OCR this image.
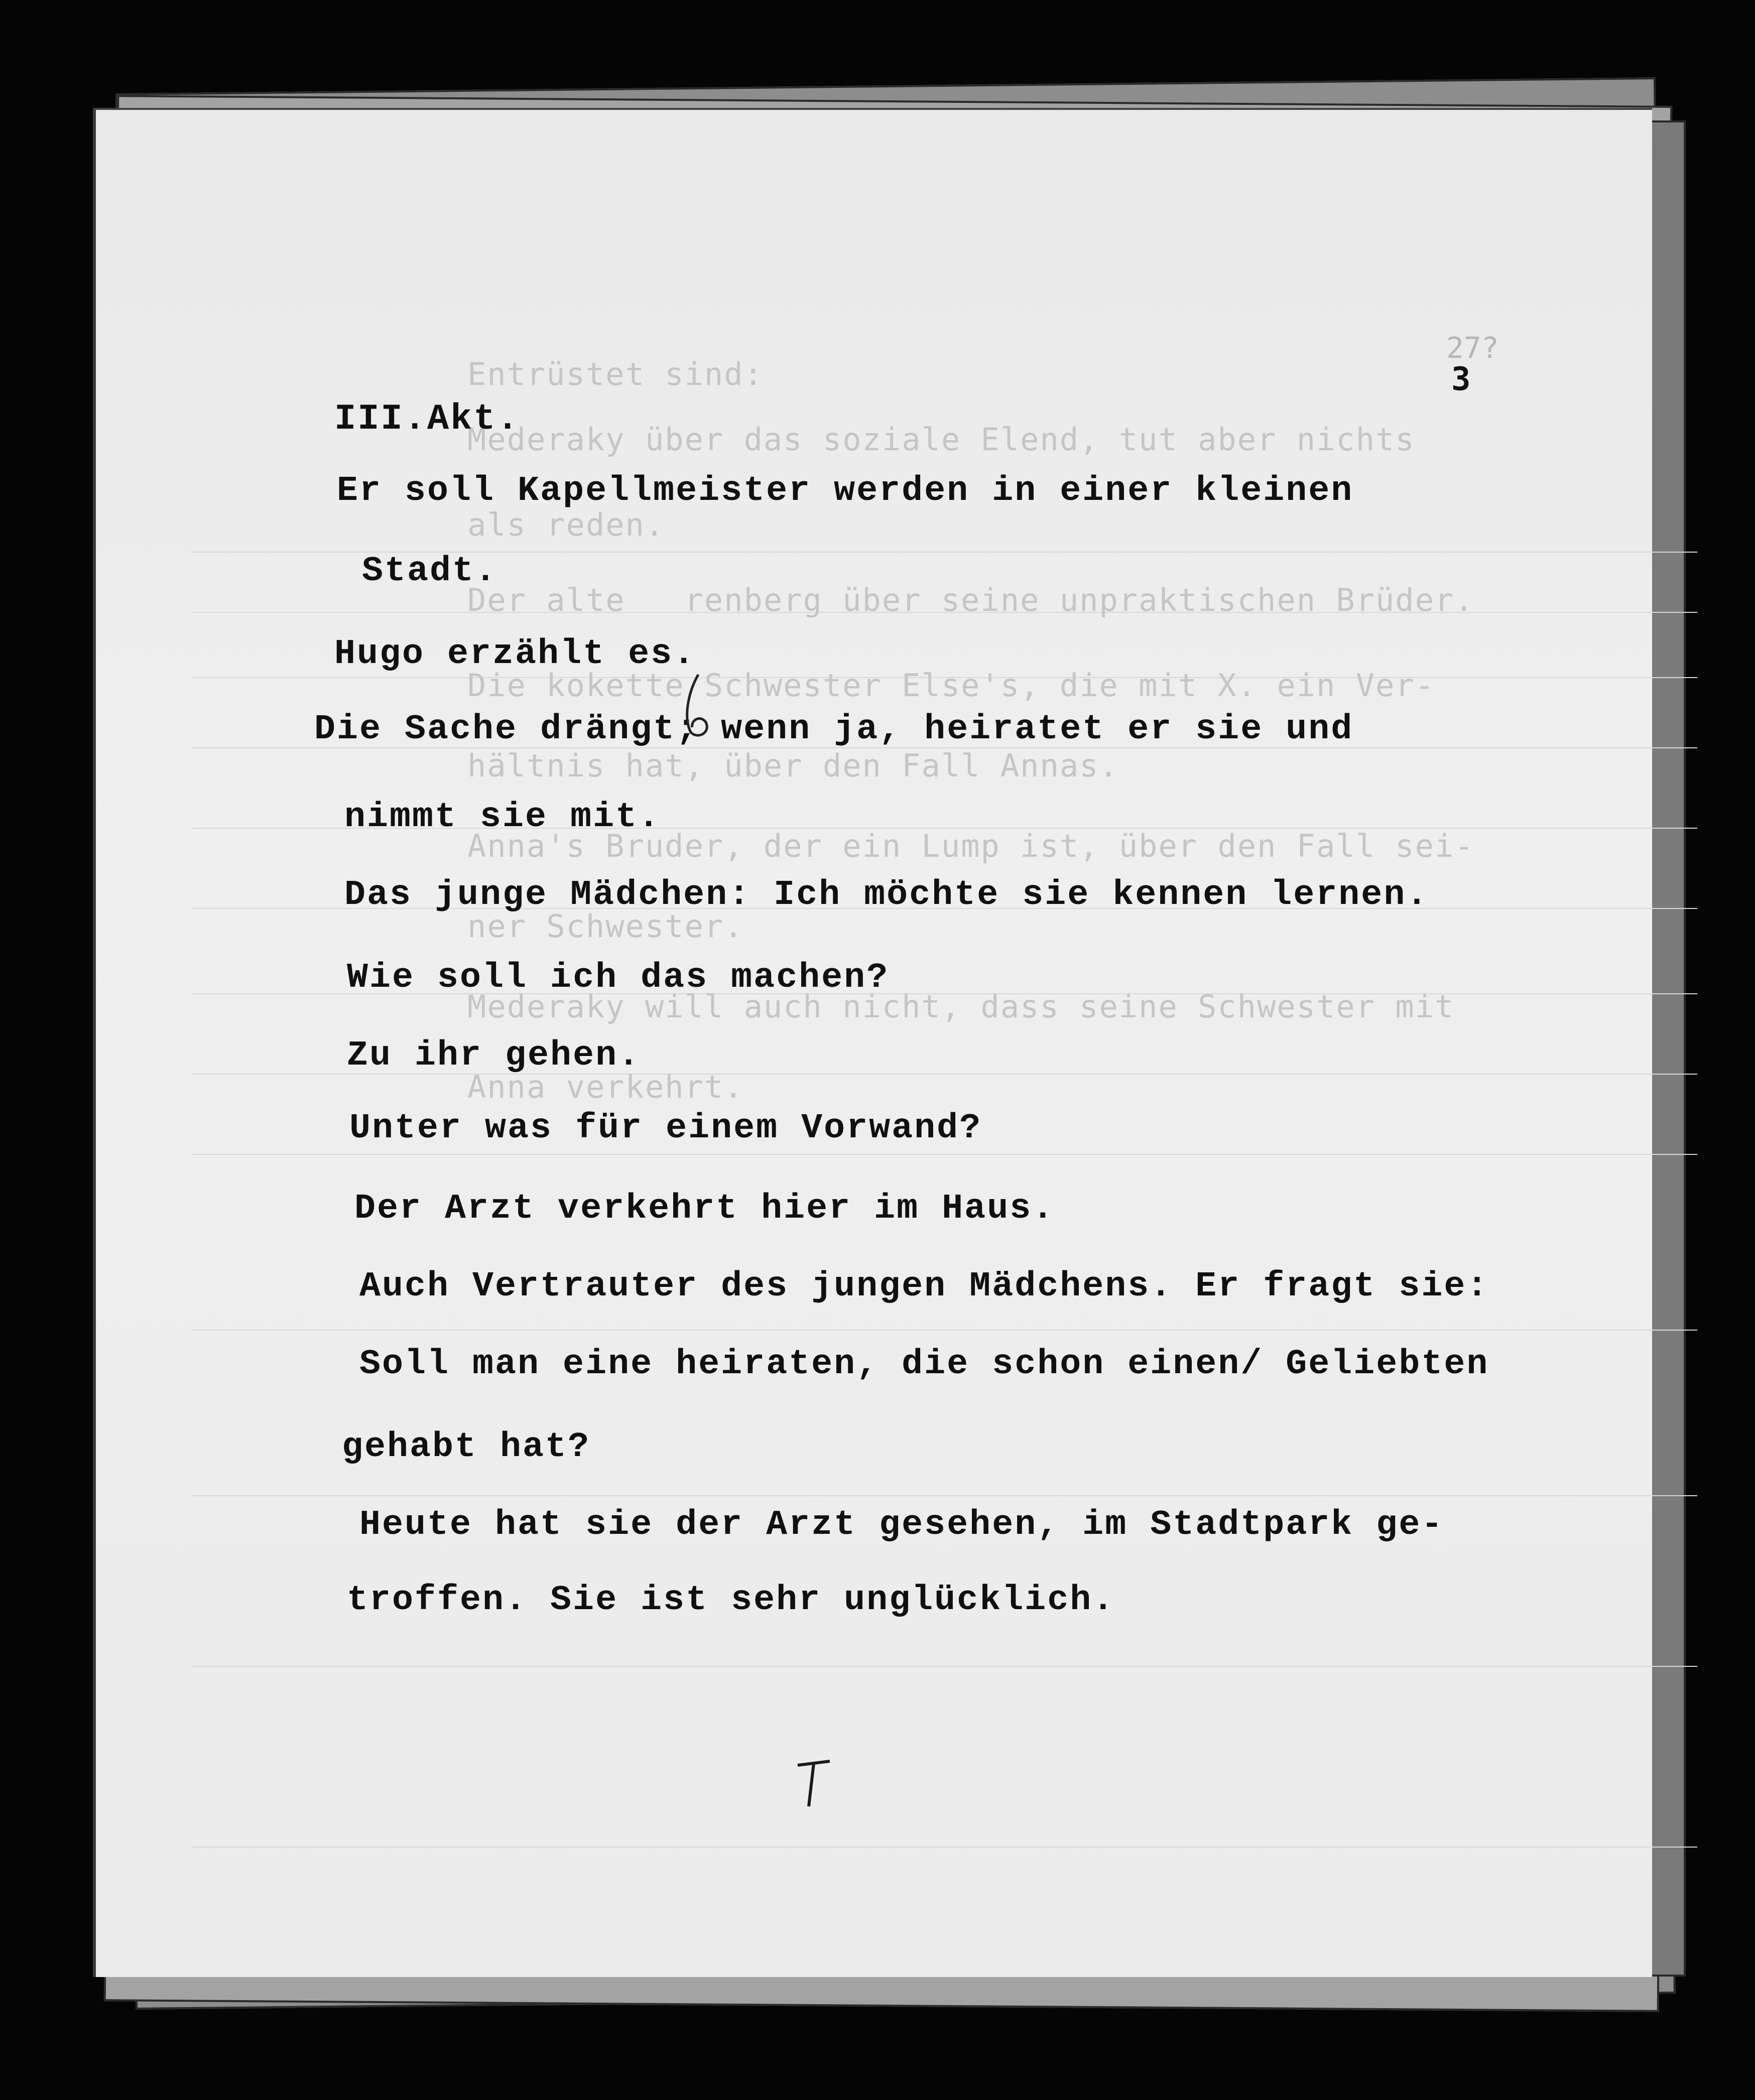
27?
3
Entrüstet sind:
Mederaky über das soziale Elend, tut aber nichts
als reden.
Der alte   renberg über seine unpraktischen Brüder.
Die kokette Schwester Else's, die mit X. ein Ver-
hältnis hat, über den Fall Annas.
Anna's Bruder, der ein Lump ist, über den Fall sei-
ner Schwester.
Mederaky will auch nicht, dass seine Schwester mit
Anna verkehrt.
III.Akt.
Er soll Kapellmeister werden in einer kleinen
Stadt.
Hugo erzählt es.
Die Sache drängt; wenn ja, heiratet er sie und
nimmt sie mit.
Das junge Mädchen: Ich möchte sie kennen lernen.
Wie soll ich das machen?
Zu ihr gehen.
Unter was für einem Vorwand?
Der Arzt verkehrt hier im Haus.
Auch Vertrauter des jungen Mädchens. Er fragt sie:
Soll man eine heiraten, die schon einen/ Geliebten
gehabt hat?
Heute hat sie der Arzt gesehen, im Stadtpark ge-
troffen. Sie ist sehr unglücklich.
